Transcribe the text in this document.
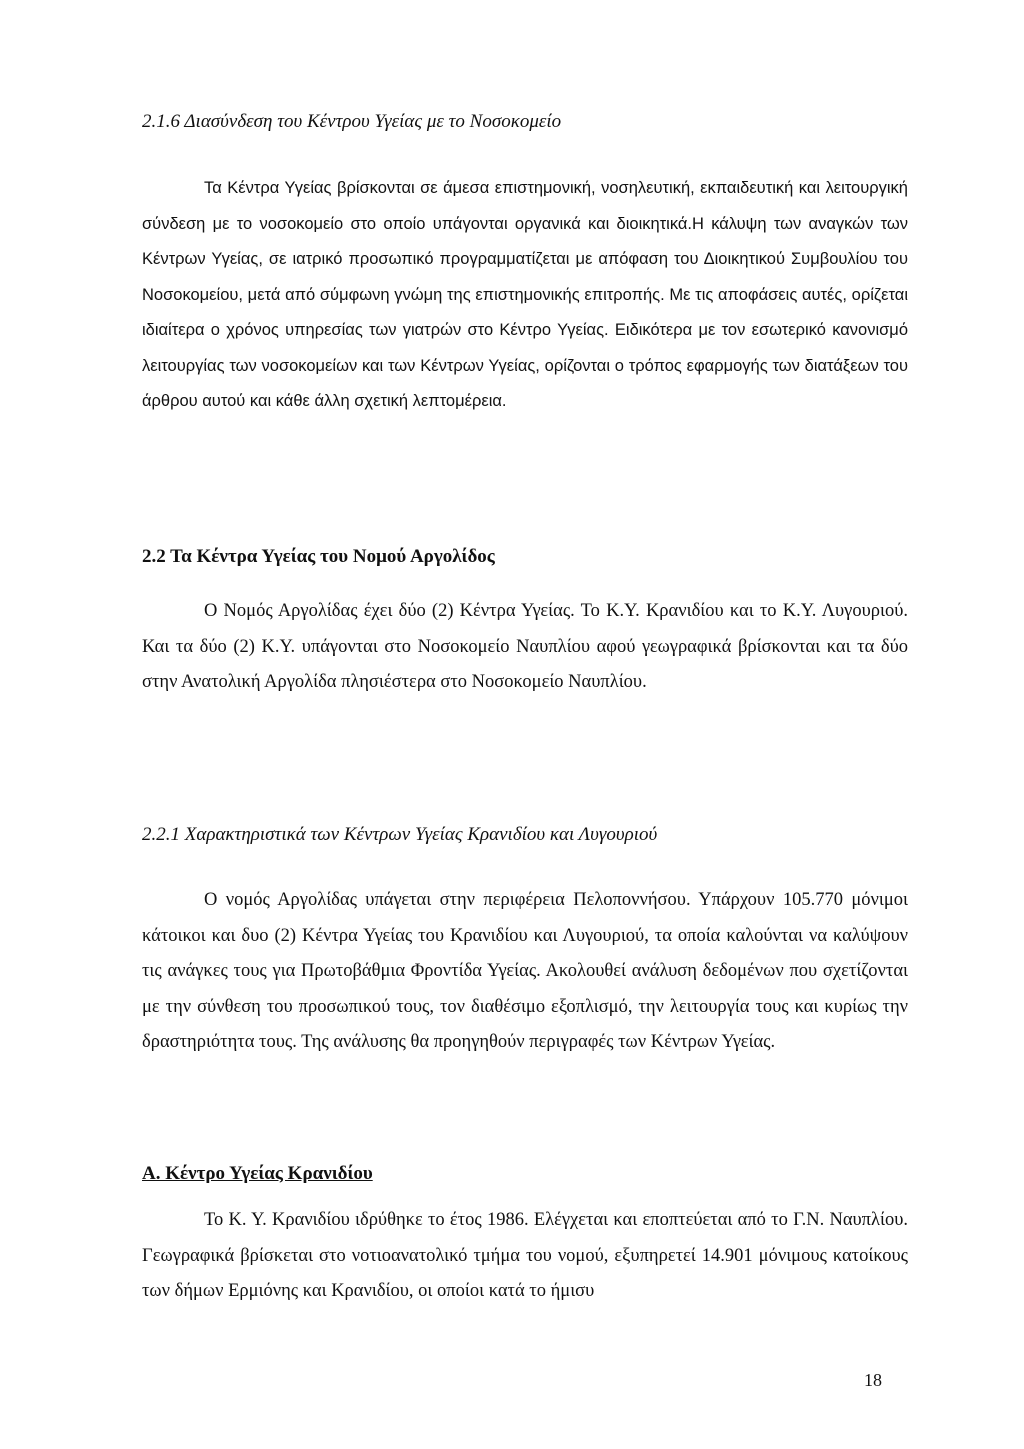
2.1.6 Διασύνδεση του Κέντρου Υγείας με το Νοσοκομείο

Τα Κέντρα Υγείας βρίσκονται σε άμεσα επιστημονική, νοσηλευτική, εκπαιδευτική και λειτουργική σύνδεση με το νοσοκομείο στο οποίο υπάγονται οργανικά και διοικητικά.Η κάλυψη των αναγκών των Κέντρων Υγείας, σε ιατρικό προσωπικό προγραμματίζεται με απόφαση του Διοικητικού Συμβουλίου του Νοσοκομείου, μετά από σύμφωνη γνώμη της επιστημονικής επιτροπής. Με τις αποφάσεις αυτές, ορίζεται ιδιαίτερα ο χρόνος υπηρεσίας των γιατρών στο Κέντρο Υγείας. Ειδικότερα με τον εσωτερικό κανονισμό λειτουργίας των νοσοκομείων και των Κέντρων Υγείας, ορίζονται ο τρόπος εφαρμογής των διατάξεων του άρθρου αυτού και κάθε άλλη σχετική λεπτομέρεια.

2.2 Τα Κέντρα Υγείας του Νομού Αργολίδος

Ο Νομός Αργολίδας έχει δύο (2) Κέντρα Υγείας. Το Κ.Υ. Κρανιδίου και το Κ.Υ. Λυγουριού. Και τα δύο (2) Κ.Υ. υπάγονται στο Νοσοκομείο Ναυπλίου αφού γεωγραφικά βρίσκονται και τα δύο στην Ανατολική Αργολίδα πλησιέστερα στο Νοσοκομείο Ναυπλίου.

2.2.1 Χαρακτηριστικά των Κέντρων Υγείας Κρανιδίου και Λυγουριού

Ο νομός Αργολίδας υπάγεται στην περιφέρεια Πελοποννήσου. Υπάρχουν 105.770 μόνιμοι κάτοικοι και δυο (2) Κέντρα Υγείας του Κρανιδίου και Λυγουριού, τα οποία καλούνται να καλύψουν τις ανάγκες τους για Πρωτοβάθμια Φροντίδα Υγείας. Ακολουθεί ανάλυση δεδομένων που σχετίζονται με την σύνθεση του προσωπικού τους, τον διαθέσιμο εξοπλισμό, την λειτουργία τους και κυρίως την δραστηριότητα τους. Της ανάλυσης θα προηγηθούν περιγραφές των Κέντρων Υγείας.

Α. Κέντρο Υγείας Κρανιδίου

Το Κ. Υ. Κρανιδίου ιδρύθηκε το έτος 1986. Ελέγχεται και εποπτεύεται από το Γ.Ν. Ναυπλίου. Γεωγραφικά βρίσκεται στο νοτιοανατολικό τμήμα του νομού, εξυπηρετεί 14.901 μόνιμους κατοίκους των δήμων Ερμιόνης και Κρανιδίου, οι οποίοι κατά το ήμισυ

18
